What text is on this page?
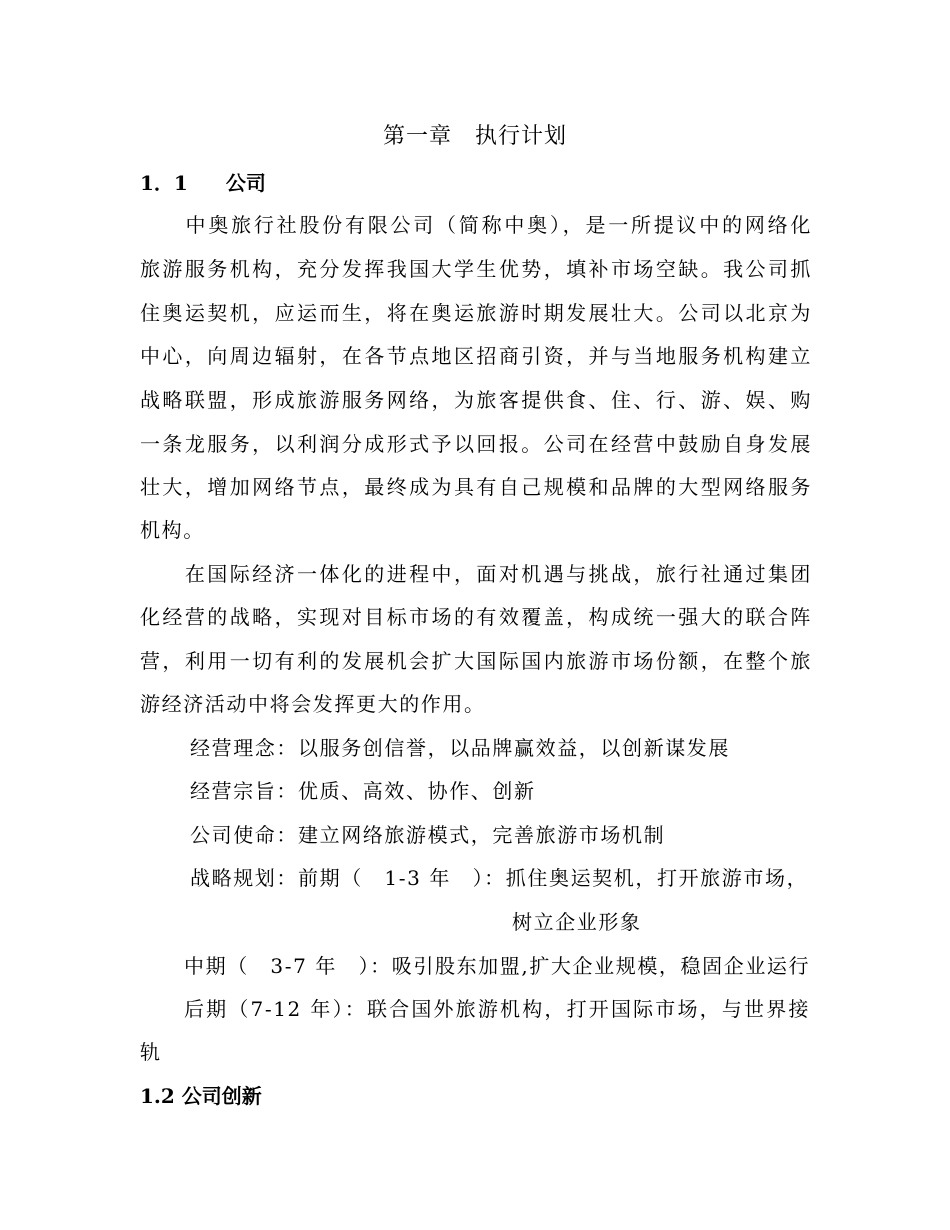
第一章　执行计划
1．1 公司
　　中奥旅行社股份有限公司（简称中奥），是一所提议中的网络化
旅游服务机构，充分发挥我国大学生优势，填补市场空缺。我公司抓
住奥运契机，应运而生，将在奥运旅游时期发展壮大。公司以北京为
中心，向周边辐射，在各节点地区招商引资，并与当地服务机构建立
战略联盟，形成旅游服务网络，为旅客提供食、住、行、游、娱、购
一条龙服务，以利润分成形式予以回报。公司在经营中鼓励自身发展
壮大，增加网络节点，最终成为具有自己规模和品牌的大型网络服务
机构。
　　在国际经济一体化的进程中，面对机遇与挑战，旅行社通过集团
化经营的战略，实现对目标市场的有效覆盖，构成统一强大的联合阵
营，利用一切有利的发展机会扩大国际国内旅游市场份额，在整个旅
游经济活动中将会发挥更大的作用。
经营理念：以服务创信誉，以品牌赢效益，以创新谋发展
经营宗旨：优质、高效、协作、创新
公司使命：建立网络旅游模式，完善旅游市场机制
战略规划：前期（　1-3 年　）：抓住奥运契机，打开旅游市场，
树立企业形象
中期（　3-7 年　）：吸引股东加盟,扩大企业规模，稳固企业运行
后期（7-12 年）：联合国外旅游机构，打开国际市场，与世界接
轨
1.2 公司创新
